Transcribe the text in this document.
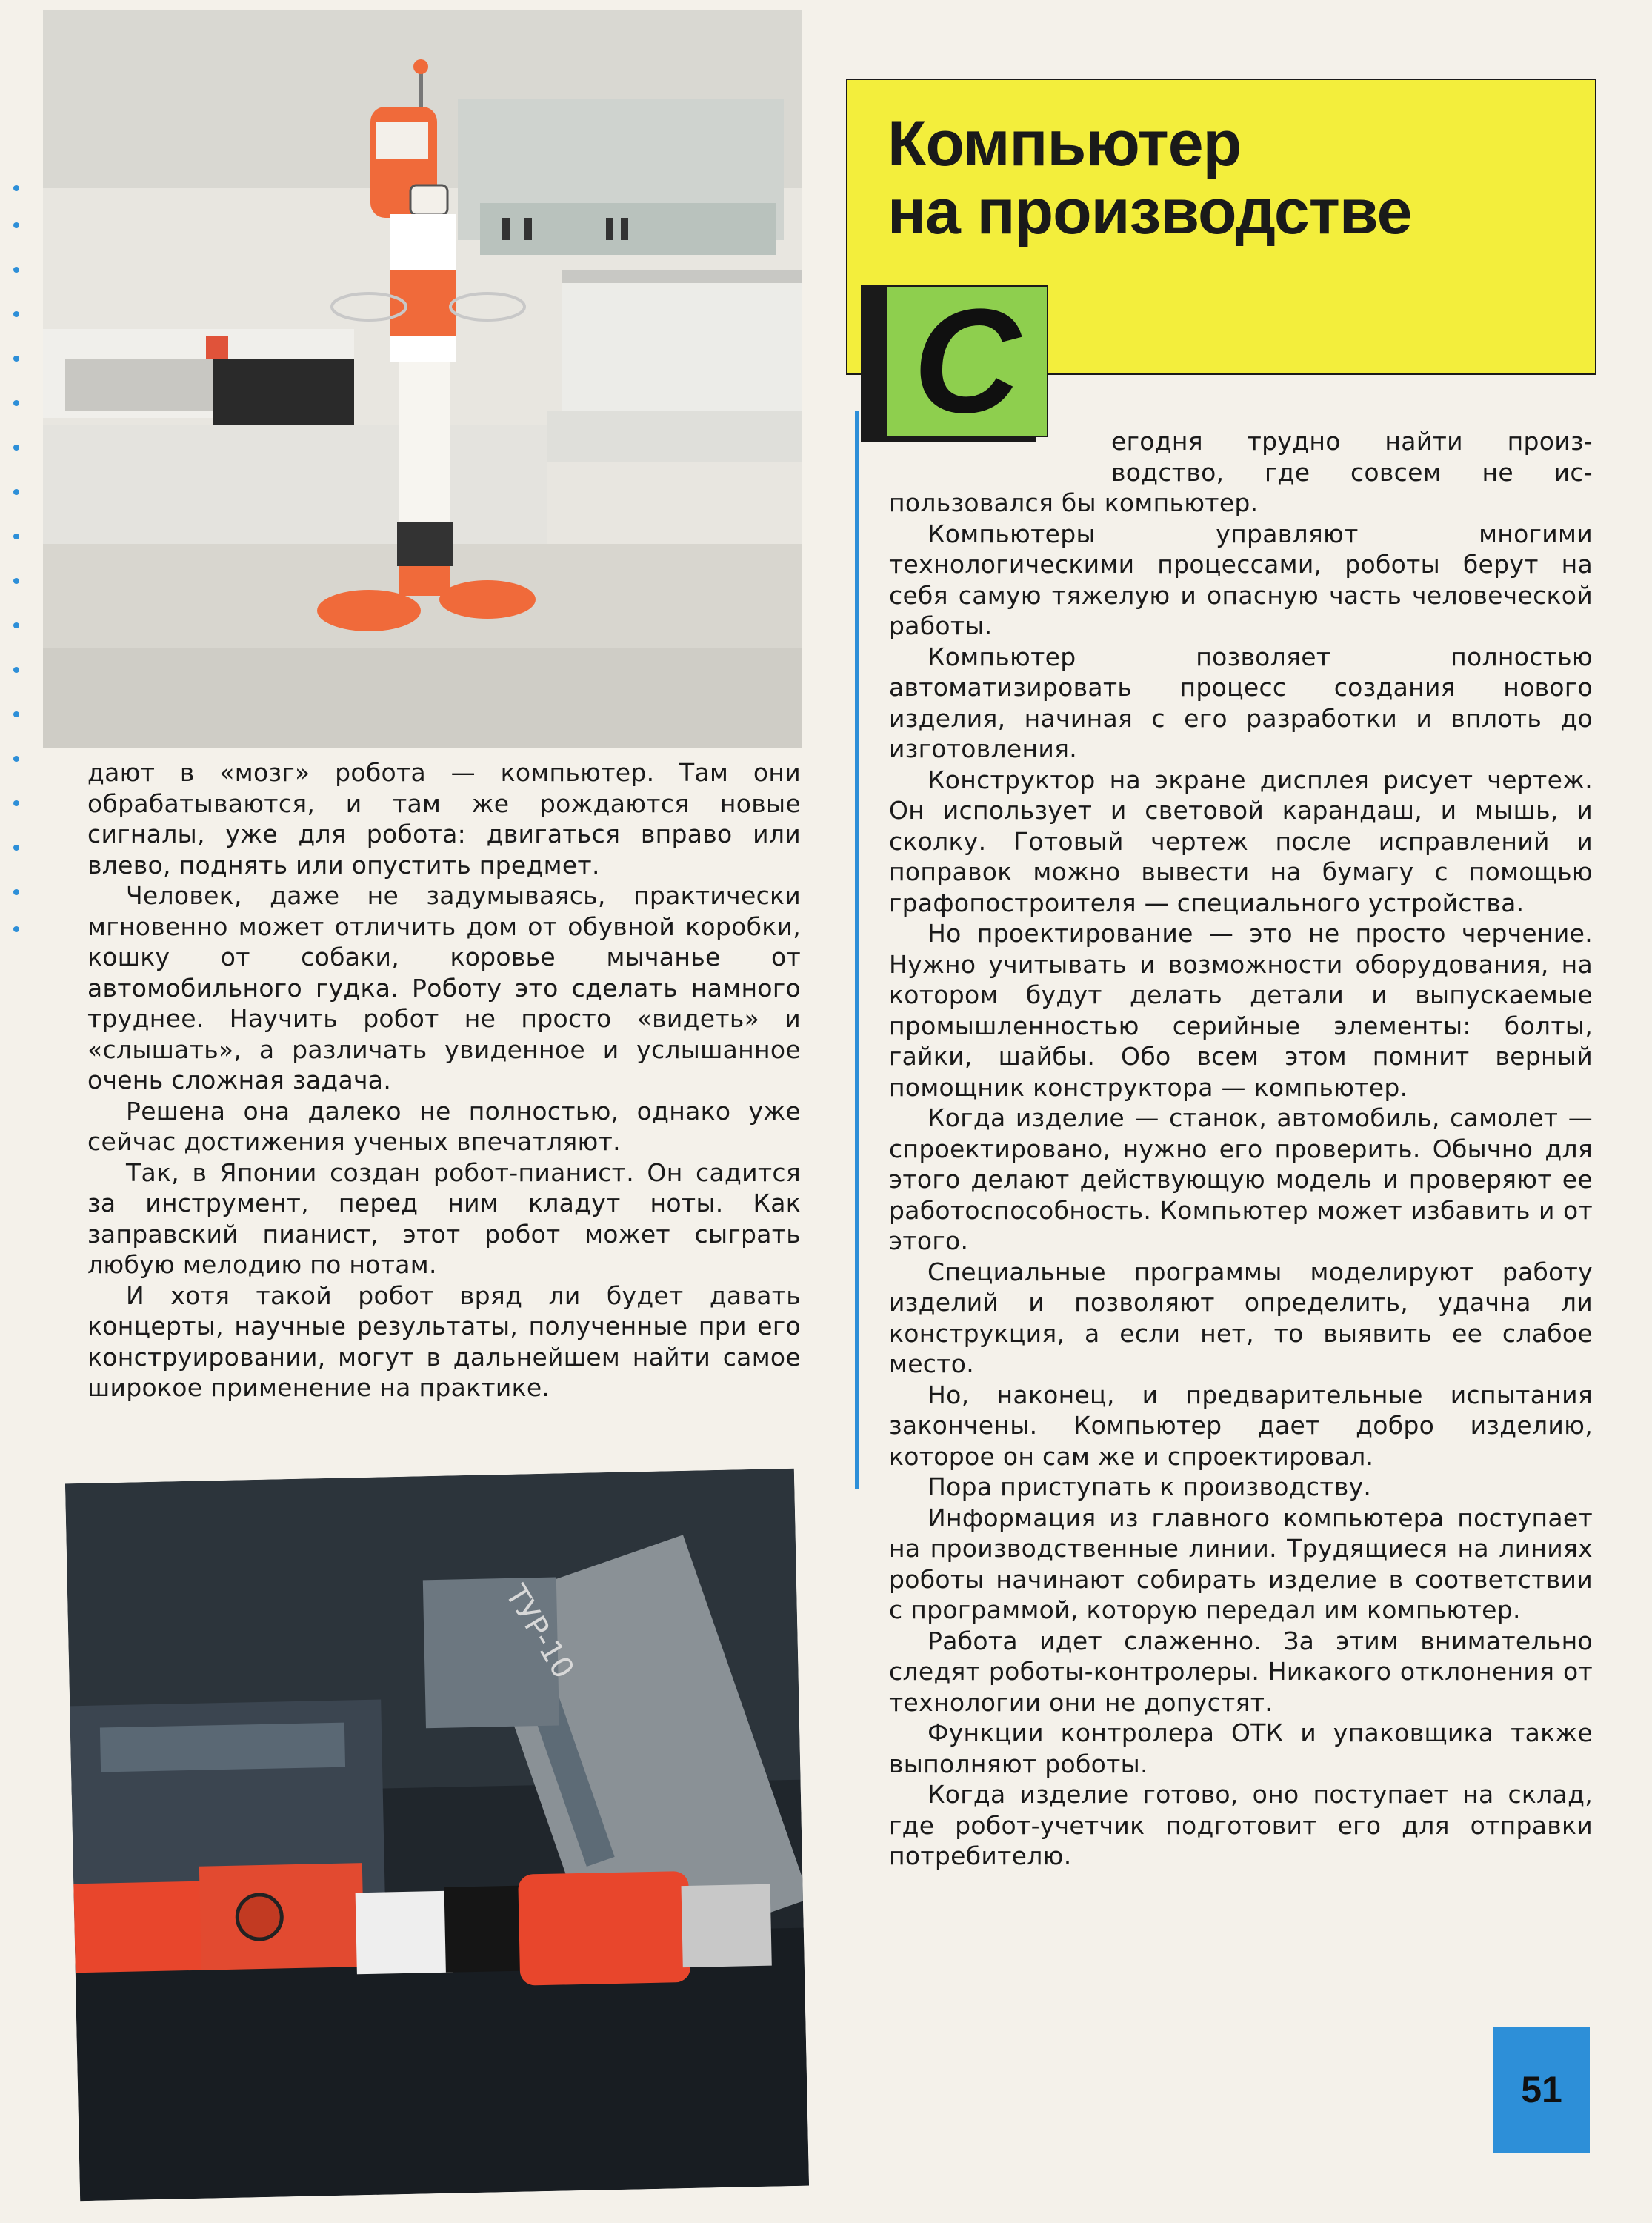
Компьютер
на производстве
С

дают в «мозг» робота — компьютер. Там они обрабатываются, и там же рождаются новые сигналы, уже для робота: двигаться вправо или влево, поднять или опустить предмет.

Человек, даже не задумываясь, практически мгновенно может отличить дом от обувной коробки, кошку от собаки, коровье мычанье от автомобильного гудка. Роботу это сделать намного труднее. Научить робот не просто «видеть» и «слышать», а различать увиденное и услышанное очень сложная задача.

Решена она далеко не полностью, однако уже сейчас достижения ученых впечатляют.

Так, в Японии создан робот-пианист. Он садится за инструмент, перед ним кладут ноты. Как заправский пианист, этот робот может сыграть любую мелодию по нотам.

И хотя такой робот вряд ли будет давать концерты, научные результаты, полученные при его конструировании, могут в дальнейшем найти самое широкое применение на практике.

егодня трудно найти произ-

водство, где совсем не ис-

пользовался бы компьютер.

Компьютеры управляют многими технологическими процессами, роботы берут на себя самую тяжелую и опасную часть человеческой работы.

Компьютер позволяет полностью автоматизировать процесс создания нового изделия, начиная с его разработки и вплоть до изготовления.

Конструктор на экране дисплея рисует чертеж. Он использует и световой карандаш, и мышь, и сколку. Готовый чертеж после исправлений и поправок можно вывести на бумагу с помощью графопостроителя — специального устройства.

Но проектирование — это не просто черчение. Нужно учитывать и возможности оборудования, на котором будут делать детали и выпускаемые промышленностью серийные элементы: болты, гайки, шайбы. Обо всем этом помнит верный помощник конструктора — компьютер.

Когда изделие — станок, автомобиль, самолет — спроектировано, нужно его проверить. Обычно для этого делают действующую модель и проверяют ее работоспособность. Компьютер может избавить и от этого.

Специальные программы моделируют работу изделий и позволяют определить, удачна ли конструкция, а если нет, то выявить ее слабое место.

Но, наконец, и предварительные испытания закончены. Компьютер дает добро изделию, которое он сам же и спроектировал.

Пора приступать к производству.

Информация из главного компьютера поступает на производственные линии. Трудящиеся на линиях роботы начинают собирать изделие в соответствии с программой, которую передал им компьютер.

Работа идет слаженно. За этим внимательно следят роботы-контролеры. Никакого отклонения от технологии они не допустят.

Функции контролера ОТК и упаковщика также выполняют роботы.

Когда изделие готово, оно поступает на склад, где робот-учетчик подготовит его для отправки потребителю.

ТУР-10
51
